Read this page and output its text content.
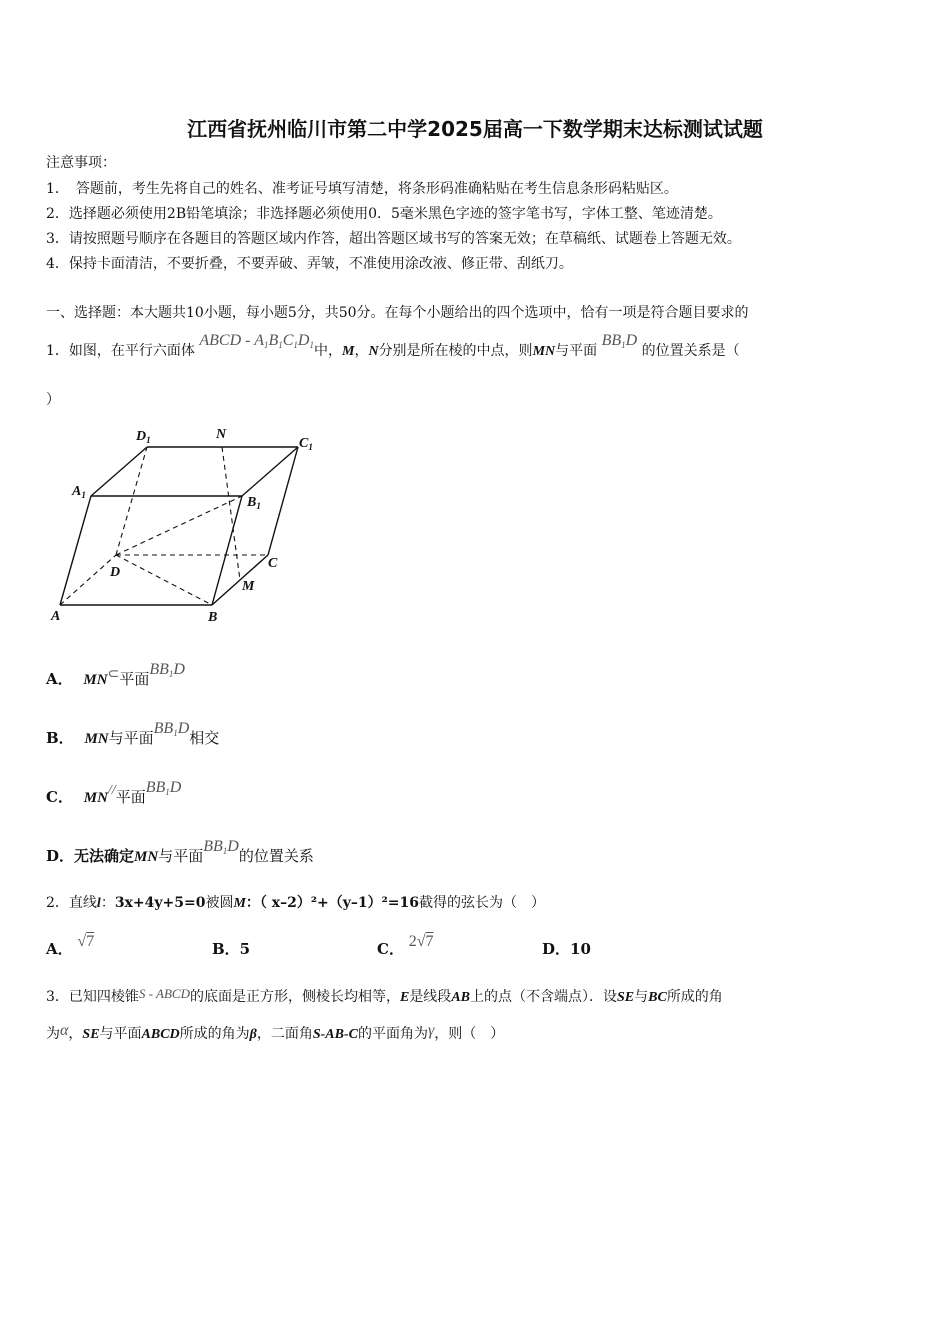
江西省抚州临川市第二中学2025届高一下数学期末达标测试试题
注意事项：
1．　答题前，考生先将自己的姓名、准考证号填写清楚，将条形码准确粘贴在考生信息条形码粘贴区。
2．选择题必须使用2B铅笔填涂；非选择题必须使用0．5毫米黑色字迹的签字笔书写，字体工整、笔迹清楚。
3．请按照题号顺序在各题目的答题区域内作答，超出答题区域书写的答案无效；在草稿纸、试题卷上答题无效。
4．保持卡面清洁，不要折叠，不要弄破、弄皱，不准使用涂改液、修正带、刮纸刀。
一、选择题：本大题共10小题，每小题5分，共50分。在每个小题给出的四个选项中，恰有一项是符合题目要求的
1．如图，在平行六面体 ABCD - $A_1B_1C_1D_1$中，M，N分别是所在棱的中点，则MN与平面 $BB_1D$ 的位置关系是（
）
$D_1$	N
$C_1$
$A_1$	$B_1$
D
C
M
A	B
A． MN⊂平面$BB_1D$
B． MN与平面$BB_1D$相交
C． MN//平面$BB_1D$
D．无法确定MN与平面$BB_1D$的位置关系
2．直线l：3x+4y+5=0被圆M：（ x–2）²+（y–1）²=16截得的弦长为（　）
A． √7	B．5	C． 2√7	D．10
3．已知四棱锥S - ABCD的底面是正方形，侧棱长均相等，E是线段AB上的点（不含端点）．设SE与BC所成的角
为α，SE与平面ABCD所成的角为β，二面角S-AB-C的平面角为γ，则（　）
